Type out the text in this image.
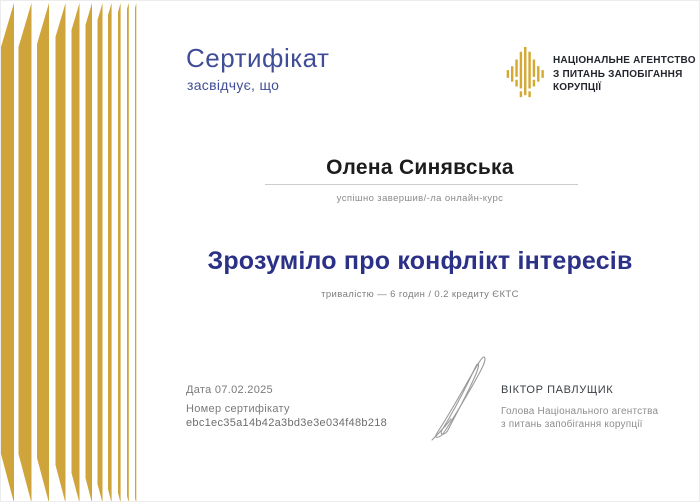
Сертифікат
засвідчує, що
НАЦІОНАЛЬНЕ АГЕНТСТВО
З ПИТАНЬ ЗАПОБІГАННЯ
КОРУПЦІЇ
Олена Синявська
успішно завершив/-ла онлайн-курс
Зрозуміло про конфлікт інтересів
тривалістю — 6 годин / 0.2 кредиту ЄКТС
Дата 07.02.2025
Номер сертифікату
ebc1ec35a14b42a3bd3e3e034f48b218
ВІКТОР ПАВЛУЩИК
Голова Національного агентства
з питань запобігання корупції
